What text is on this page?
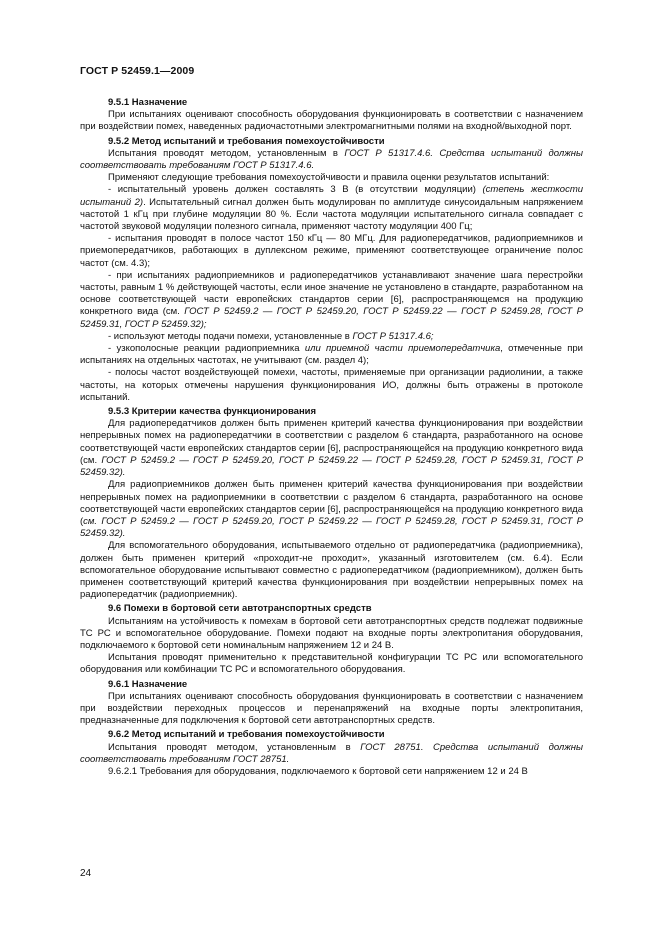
ГОСТ Р 52459.1—2009

9.5.1 Назначение

При испытаниях оценивают способность оборудования функционировать в соответствии с назначением при воздействии помех, наведенных радиочастотными электромагнитными полями на входной/выходной порт.

9.5.2 Метод испытаний и требования помехоустойчивости

Испытания проводят методом, установленным в ГОСТ Р 51317.4.6. Средства испытаний должны соответствовать требованиям ГОСТ Р 51317.4.6.

Применяют следующие требования помехоустойчивости и правила оценки результатов испытаний:

- испытательный уровень должен составлять 3 В (в отсутствии модуляции) (степень жесткости испытаний 2). Испытательный сигнал должен быть модулирован по амплитуде синусоидальным напряжением частотой 1 кГц при глубине модуляции 80 %. Если частота модуляции испытательного сигнала совпадает с частотой звуковой модуляции полезного сигнала, применяют частоту модуляции 400 Гц;

- испытания проводят в полосе частот 150 кГц — 80 МГц. Для радиопередатчиков, радиоприемников и приемопередатчиков, работающих в дуплексном режиме, применяют соответствующее ограничение полос частот (см. 4.3);

- при испытаниях радиоприемников и радиопередатчиков устанавливают значение шага перестройки частоты, равным 1 % действующей частоты, если иное значение не установлено в стандарте, разработанном на основе соответствующей части европейских стандартов серии [6], распространяющемся на продукцию конкретного вида (см. ГОСТ Р 52459.2 — ГОСТ Р 52459.20, ГОСТ Р 52459.22 — ГОСТ Р 52459.28, ГОСТ Р 52459.31, ГОСТ Р 52459.32);

- используют методы подачи помехи, установленные в ГОСТ Р 51317.4.6;

- узкополосные реакции радиоприемника или приемной части приемопередатчика, отмеченные при испытаниях на отдельных частотах, не учитывают (см. раздел 4);

- полосы частот воздействующей помехи, частоты, применяемые при организации радиолинии, а также частоты, на которых отмечены нарушения функционирования ИО, должны быть отражены в протоколе испытаний.

9.5.3 Критерии качества функционирования

Для радиопередатчиков должен быть применен критерий качества функционирования при воздействии непрерывных помех на радиопередатчики в соответствии с разделом 6 стандарта, разработанного на основе соответствующей части европейских стандартов серии [6], распространяющейся на продукцию конкретного вида (см. ГОСТ Р 52459.2 — ГОСТ Р 52459.20, ГОСТ Р 52459.22 — ГОСТ Р 52459.28, ГОСТ Р 52459.31, ГОСТ Р 52459.32).

Для радиоприемников должен быть применен критерий качества функционирования при воздействии непрерывных помех на радиоприемники в соответствии с разделом 6 стандарта, разработанного на основе соответствующей части европейских стандартов серии [6], распространяющейся на продукцию конкретного вида (см. ГОСТ Р 52459.2 — ГОСТ Р 52459.20, ГОСТ Р 52459.22 — ГОСТ Р 52459.28, ГОСТ Р 52459.31, ГОСТ Р 52459.32).

Для вспомогательного оборудования, испытываемого отдельно от радиопередатчика (радиоприемника), должен быть применен критерий «проходит-не проходит», указанный изготовителем (см. 6.4). Если вспомогательное оборудование испытывают совместно с радиопередатчиком (радиоприемником), должен быть применен соответствующий критерий качества функционирования при воздействии непрерывных помех на радиопередатчик (радиоприемник).

9.6 Помехи в бортовой сети автотранспортных средств

Испытаниям на устойчивость к помехам в бортовой сети автотранспортных средств подлежат подвижные ТС РС и вспомогательное оборудование. Помехи подают на входные порты электропитания оборудования, подключаемого к бортовой сети номинальным напряжением 12 и 24 В.

Испытания проводят применительно к представительной конфигурации ТС РС или вспомогательного оборудования или комбинации ТС РС и вспомогательного оборудования.

9.6.1 Назначение

При испытаниях оценивают способность оборудования функционировать в соответствии с назначением при воздействии переходных процессов и перенапряжений на входные порты электропитания, предназначенные для подключения к бортовой сети автотранспортных средств.

9.6.2 Метод испытаний и требования помехоустойчивости

Испытания проводят методом, установленным в ГОСТ 28751. Средства испытаний должны соответствовать требованиям ГОСТ 28751.

9.6.2.1 Требования для оборудования, подключаемого к бортовой сети напряжением 12 и 24 В

24
